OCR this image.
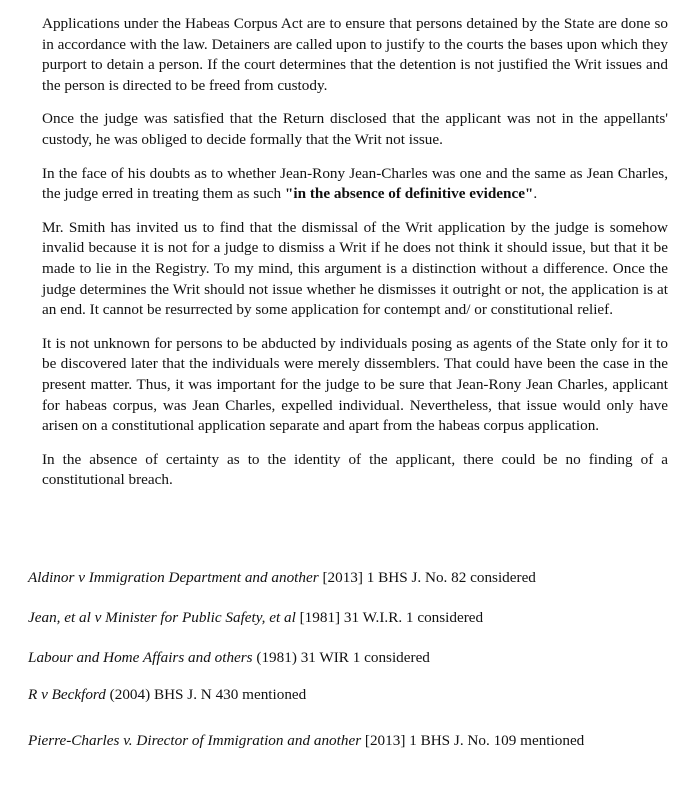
Applications under the Habeas Corpus Act are to ensure that persons detained by the State are done so in accordance with the law. Detainers are called upon to justify to the courts the bases upon which they purport to detain a person. If the court determines that the detention is not justified the Writ issues and the person is directed to be freed from custody.

Once the judge was satisfied that the Return disclosed that the applicant was not in the appellants' custody, he was obliged to decide formally that the Writ not issue.

In the face of his doubts as to whether Jean-Rony Jean-Charles was one and the same as Jean Charles, the judge erred in treating them as such "in the absence of definitive evidence".

Mr. Smith has invited us to find that the dismissal of the Writ application by the judge is somehow invalid because it is not for a judge to dismiss a Writ if he does not think it should issue, but that it be made to lie in the Registry. To my mind, this argument is a distinction without a difference. Once the judge determines the Writ should not issue whether he dismisses it outright or not, the application is at an end. It cannot be resurrected by some application for contempt and/ or constitutional relief.

It is not unknown for persons to be abducted by individuals posing as agents of the State only for it to be discovered later that the individuals were merely dissemblers. That could have been the case in the present matter. Thus, it was important for the judge to be sure that Jean-Rony Jean Charles, applicant for habeas corpus, was Jean Charles, expelled individual. Nevertheless, that issue would only have arisen on a constitutional application separate and apart from the habeas corpus application.

In the absence of certainty as to the identity of the applicant, there could be no finding of a constitutional breach.

Aldinor v Immigration Department and another [2013] 1 BHS J. No. 82 considered

Jean, et al v Minister for Public Safety, et al [1981] 31 W.I.R. 1 considered

Labour and Home Affairs and others (1981) 31 WIR 1 considered

R v Beckford (2004) BHS J. N 430 mentioned

Pierre-Charles v. Director of Immigration and another [2013] 1 BHS J. No. 109 mentioned
